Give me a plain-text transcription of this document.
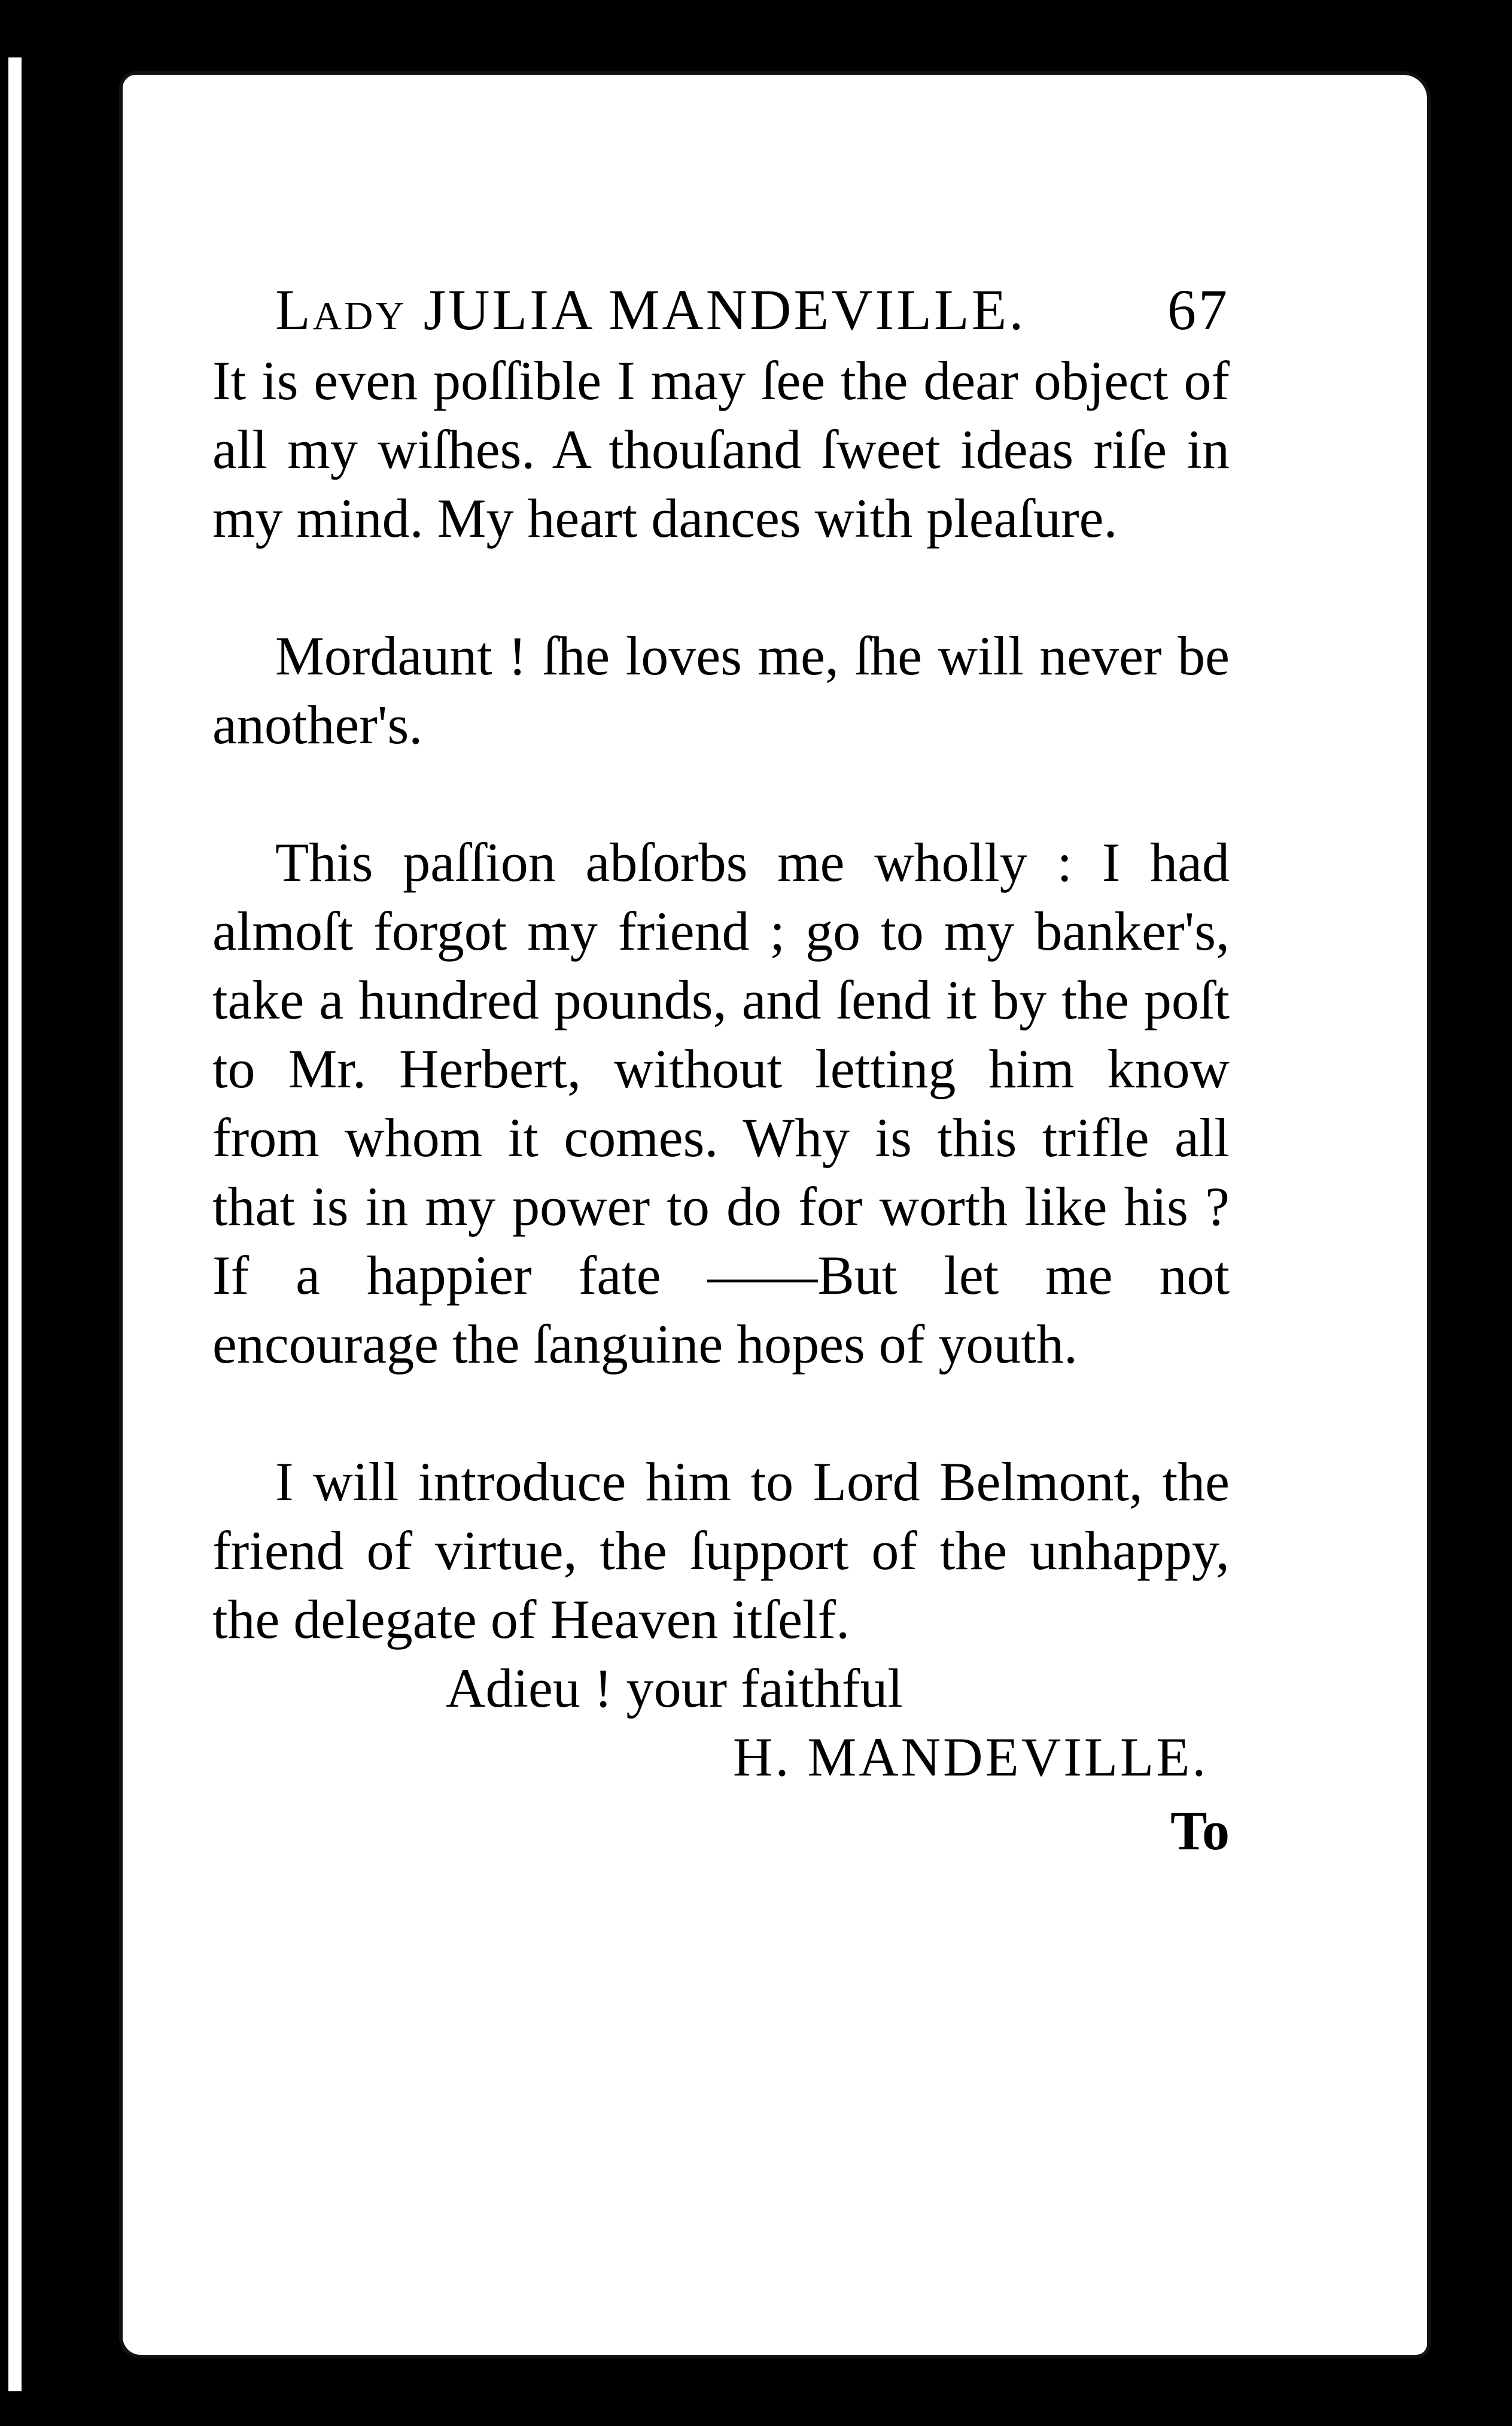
Lady JULIA MANDEVILLE. 67

It is even poſſible I may ſee the dear object of all my wiſhes. A thouſand ſweet ideas riſe in my mind. My heart dances with pleaſure.

Mordaunt ! ſhe loves me, ſhe will never be another's.

This paſſion abſorbs me wholly : I had almoſt forgot my friend ; go to my banker's, take a hundred pounds, and ſend it by the poſt to Mr. Herbert, without letting him know from whom it comes. Why is this trifle all that is in my power to do for worth like his ? If a happier fate ——But let me not encourage the ſanguine hopes of youth.

I will introduce him to Lord Belmont, the friend of virtue, the ſupport of the unhappy, the delegate of Heaven itſelf.

Adieu ! your faithful

H. MANDEVILLE.

To
